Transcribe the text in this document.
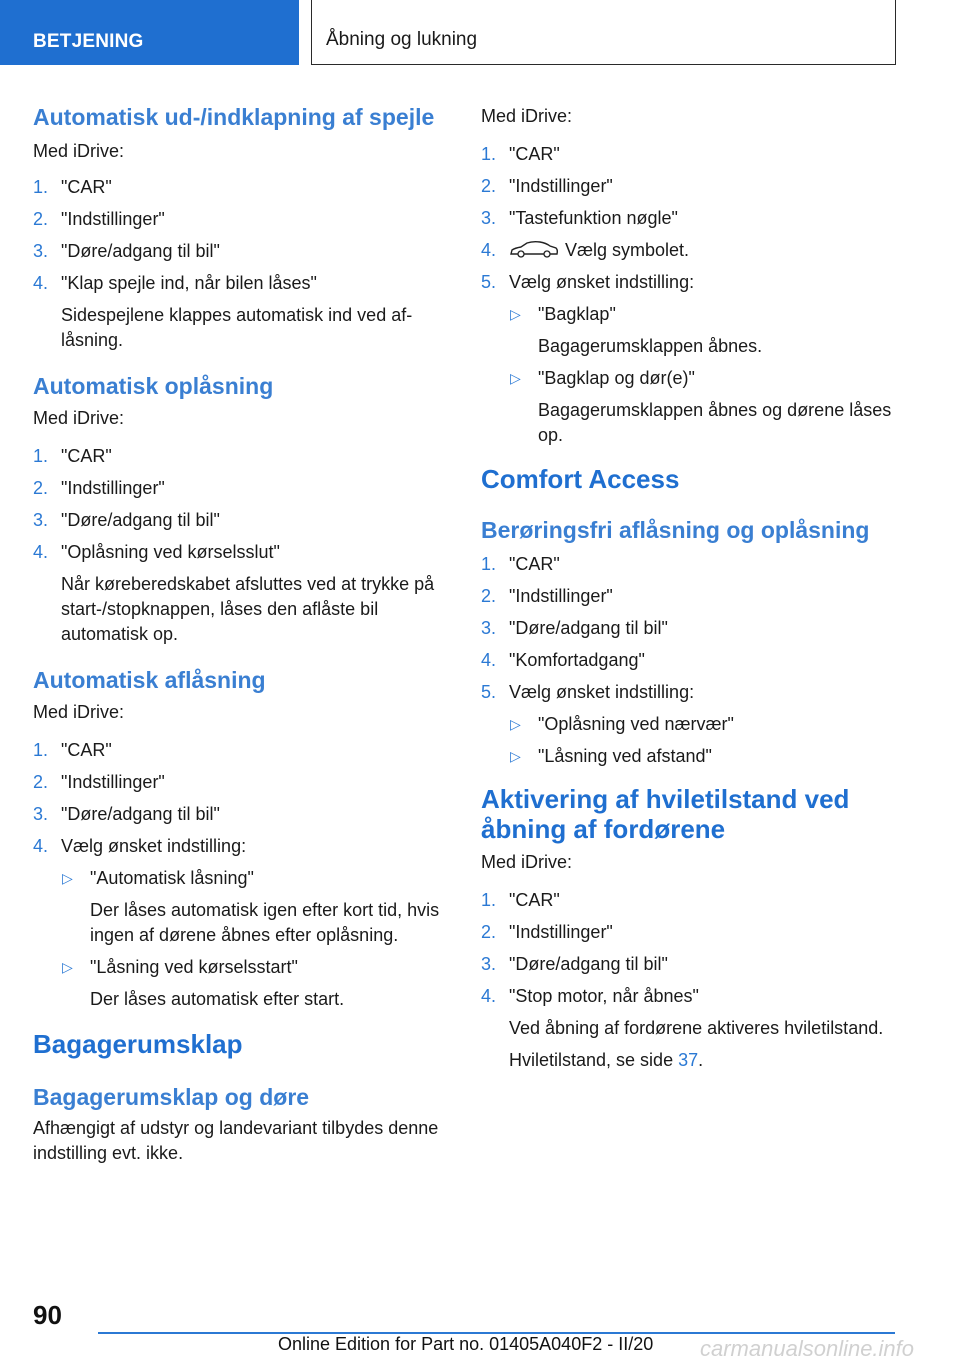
BETJENING	Åbning og lukning
Automatisk ud-/indklapning af spejle
Med iDrive:
1. "CAR"
2. "Indstillinger"
3. "Døre/adgang til bil"
4. "Klap spejle ind, når bilen låses"
Sidespejlene klappes automatisk ind ved aflåsning.
Automatisk oplåsning
Med iDrive:
1. "CAR"
2. "Indstillinger"
3. "Døre/adgang til bil"
4. "Oplåsning ved kørselsslut"
Når køreberedskabet afsluttes ved at trykke på start-/stopknappen, låses den aflåste bil automatisk op.
Automatisk aflåsning
Med iDrive:
1. "CAR"
2. "Indstillinger"
3. "Døre/adgang til bil"
4. Vælg ønsket indstilling:
▷ "Automatisk låsning"
Der låses automatisk igen efter kort tid, hvis ingen af dørene åbnes efter oplåsning.
▷ "Låsning ved kørselsstart"
Der låses automatisk efter start.
Bagagerumsklap
Bagagerumsklap og døre
Afhængigt af udstyr og landevariant tilbydes denne indstilling evt. ikke.
Med iDrive:
1. "CAR"
2. "Indstillinger"
3. "Tastefunktion nøgle"
4.	Vælg symbolet.
5. Vælg ønsket indstilling:
▷ "Bagklap"
Bagagerumsklappen åbnes.
▷ "Bagklap og dør(e)"
Bagagerumsklappen åbnes og dørene låses op.
Comfort Access
Berøringsfri aflåsning og oplåsning
1. "CAR"
2. "Indstillinger"
3. "Døre/adgang til bil"
4. "Komfortadgang"
5. Vælg ønsket indstilling:
▷ "Oplåsning ved nærvær"
▷ "Låsning ved afstand"
Aktivering af hviletilstand ved åbning af fordørene
Med iDrive:
1. "CAR"
2. "Indstillinger"
3. "Døre/adgang til bil"
4. "Stop motor, når åbnes"
Ved åbning af fordørene aktiveres hviletilstand.
Hviletilstand, se side 37.
90
Online Edition for Part no. 01405A040F2 - II/20 carmanualsonline.info
